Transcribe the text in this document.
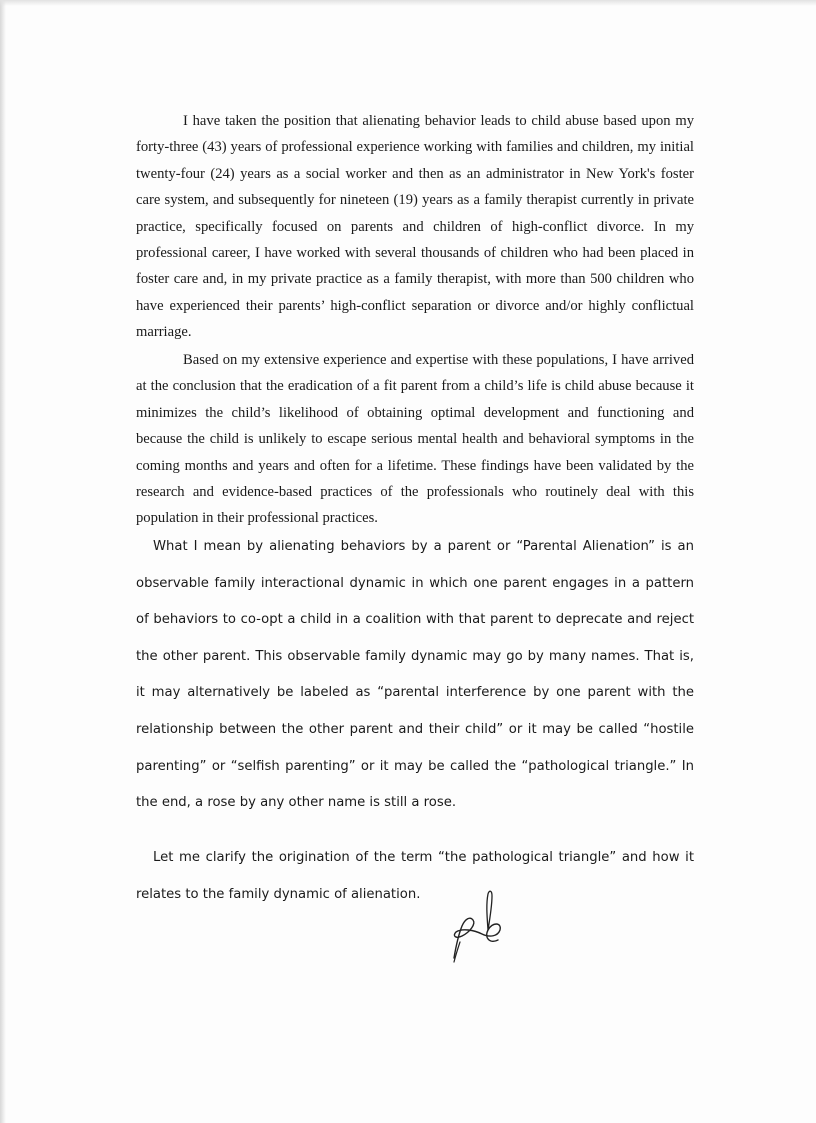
I have taken the position that alienating behavior leads to child abuse based upon my forty-three (43) years of professional experience working with families and children, my initial twenty-four (24) years as a social worker and then as an administrator in New York's foster care system, and subsequently for nineteen (19) years as a family therapist currently in private practice, specifically focused on parents and children of high-conflict divorce. In my professional career, I have worked with several thousands of children who had been placed in foster care and, in my private practice as a family therapist, with more than 500 children who have experienced their parents’ high-conflict separation or divorce and/or highly conflictual marriage.

Based on my extensive experience and expertise with these populations, I have arrived at the conclusion that the eradication of a fit parent from a child’s life is child abuse because it minimizes the child’s likelihood of obtaining optimal development and functioning and because the child is unlikely to escape serious mental health and behavioral symptoms in the coming months and years and often for a lifetime. These findings have been validated by the research and evidence-based practices of the professionals who routinely deal with this population in their professional practices.

What I mean by alienating behaviors by a parent or “Parental Alienation” is an observable family interactional dynamic in which one parent engages in a pattern of behaviors to co-opt a child in a coalition with that parent to deprecate and reject the other parent. This observable family dynamic may go by many names. That is, it may alternatively be labeled as “parental interference by one parent with the relationship between the other parent and their child” or it may be called “hostile parenting” or “selfish parenting” or it may be called the “pathological triangle.” In the end, a rose by any other name is still a rose.

Let me clarify the origination of the term “the pathological triangle” and how it relates to the family dynamic of alienation.
